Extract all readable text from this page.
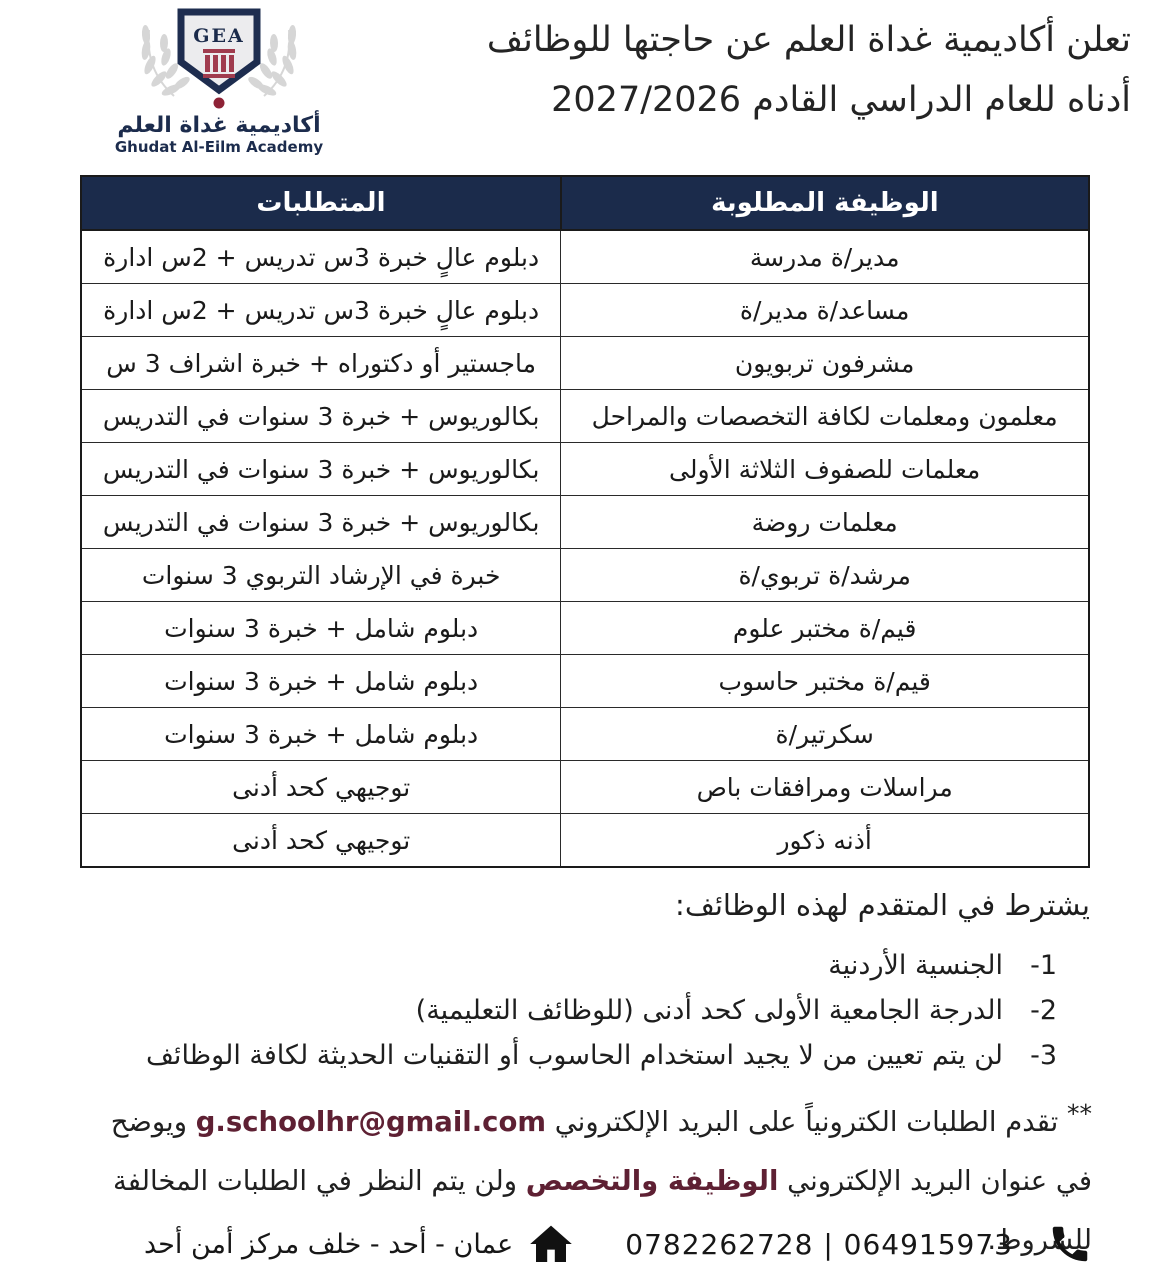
GEA
أكاديمية غداة العلم
Ghudat Al-Eilm Academy
تعلن أكاديمية غداة العلم عن حاجتها للوظائف
أدناه للعام الدراسي القادم 2027/2026
الوظيفة المطلوبة	المتطلبات
مدير/ة مدرسة	دبلوم عالٍ خبرة 3س تدريس + 2س ادارة
مساعد/ة مدير/ة	دبلوم عالٍ خبرة 3س تدريس + 2س ادارة
مشرفون تربويون	ماجستير أو دكتوراه + خبرة اشراف 3 س
معلمون ومعلمات لكافة التخصصات والمراحل	بكالوريوس + خبرة 3 سنوات في التدريس
معلمات للصفوف الثلاثة الأولى	بكالوريوس + خبرة 3 سنوات في التدريس
معلمات روضة	بكالوريوس + خبرة 3 سنوات في التدريس
مرشد/ة تربوي/ة	خبرة في الإرشاد التربوي 3 سنوات
قيم/ة مختبر علوم	دبلوم شامل + خبرة 3 سنوات
قيم/ة مختبر حاسوب	دبلوم شامل + خبرة 3 سنوات
سكرتير/ة	دبلوم شامل + خبرة 3 سنوات
مراسلات ومرافقات باص	توجيهي كحد أدنى
أذنه ذكور	توجيهي كحد أدنى
يشترط في المتقدم لهذه الوظائف:
1-
الجنسية الأردنية
2-
الدرجة الجامعية الأولى كحد أدنى (للوظائف التعليمية)
3-
لن يتم تعيين من لا يجيد استخدام الحاسوب أو التقنيات الحديثة لكافة الوظائف
** تقدم الطلبات الكترونياً على البريد الإلكتروني g.schoolhr@gmail.com ويوضح في عنوان البريد الإلكتروني الوظيفة والتخصص ولن يتم النظر في الطلبات المخالفة للشروط.
0782262728 | 064915973
عمان - أحد - خلف مركز أمن أحد
